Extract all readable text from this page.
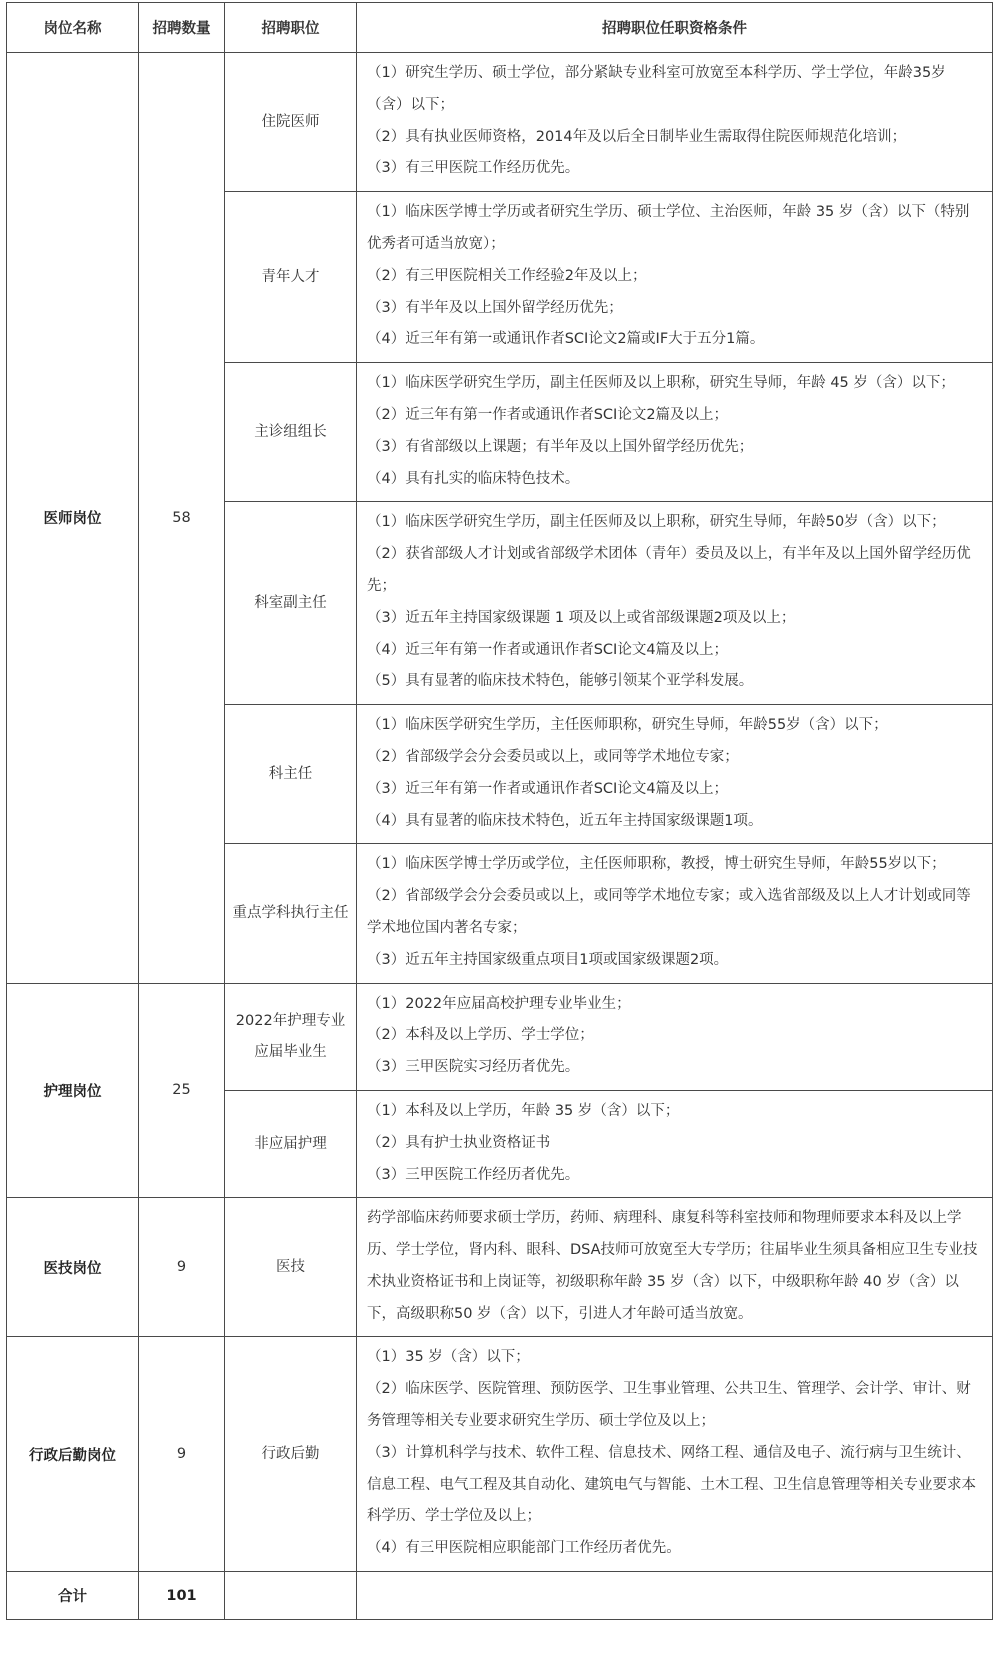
岗位名称	招聘数量	招聘职位	招聘职位任职资格条件
医师岗位	58	住院医师	（1）研究生学历、硕士学位，部分紧缺专业科室可放宽至本科学历、学士学位，年龄35岁（含）以下；

（2）具有执业医师资格，2014年及以后全日制毕业生需取得住院医师规范化培训；

（3）有三甲医院工作经历优先。

		青年人才	（1）临床医学博士学历或者研究生学历、硕士学位、主治医师，年龄 35 岁（含）以下（特别优秀者可适当放宽）；

（2）有三甲医院相关工作经验2年及以上；

（3）有半年及以上国外留学经历优先；

（4）近三年有第一或通讯作者SCI论文2篇或IF大于五分1篇。

		主诊组组长	（1）临床医学研究生学历，副主任医师及以上职称，研究生导师，年龄 45 岁（含）以下；

（2）近三年有第一作者或通讯作者SCI论文2篇及以上；

（3）有省部级以上课题；有半年及以上国外留学经历优先；

（4）具有扎实的临床特色技术。

		科室副主任	（1）临床医学研究生学历，副主任医师及以上职称，研究生导师，年龄50岁（含）以下；

（2）获省部级人才计划或省部级学术团体（青年）委员及以上，有半年及以上国外留学经历优先；

（3）近五年主持国家级课题 1 项及以上或省部级课题2项及以上；

（4）近三年有第一作者或通讯作者SCI论文4篇及以上；

（5）具有显著的临床技术特色，能够引领某个亚学科发展。

		科主任	（1）临床医学研究生学历，主任医师职称，研究生导师，年龄55岁（含）以下；

（2）省部级学会分会委员或以上，或同等学术地位专家；

（3）近三年有第一作者或通讯作者SCI论文4篇及以上；

（4）具有显著的临床技术特色，近五年主持国家级课题1项。

		重点学科执行主任	（1）临床医学博士学历或学位，主任医师职称，教授，博士研究生导师，年龄55岁以下；

（2）省部级学会分会委员或以上，或同等学术地位专家；或入选省部级及以上人才计划或同等学术地位国内著名专家；

（3）近五年主持国家级重点项目1项或国家级课题2项。

护理岗位	25	2022年护理专业应届毕业生	（1）2022年应届高校护理专业毕业生；

（2）本科及以上学历、学士学位；

（3）三甲医院实习经历者优先。

		非应届护理	（1）本科及以上学历，年龄 35 岁（含）以下；

（2）具有护士执业资格证书

（3）三甲医院工作经历者优先。

医技岗位	9	医技	药学部临床药师要求硕士学历，药师、病理科、康复科等科室技师和物理师要求本科及以上学历、学士学位，肾内科、眼科、DSA技师可放宽至大专学历；往届毕业生须具备相应卫生专业技术执业资格证书和上岗证等，初级职称年龄 35 岁（含）以下，中级职称年龄 40 岁（含）以下，高级职称50 岁（含）以下，引进人才年龄可适当放宽。

行政后勤岗位	9	行政后勤	（1）35 岁（含）以下；

（2）临床医学、医院管理、预防医学、卫生事业管理、公共卫生、管理学、会计学、审计、财务管理等相关专业要求研究生学历、硕士学位及以上；

（3）计算机科学与技术、软件工程、信息技术、网络工程、通信及电子、流行病与卫生统计、信息工程、电气工程及其自动化、建筑电气与智能、土木工程、卫生信息管理等相关专业要求本科学历、学士学位及以上；

（4）有三甲医院相应职能部门工作经历者优先。

合计	101		
